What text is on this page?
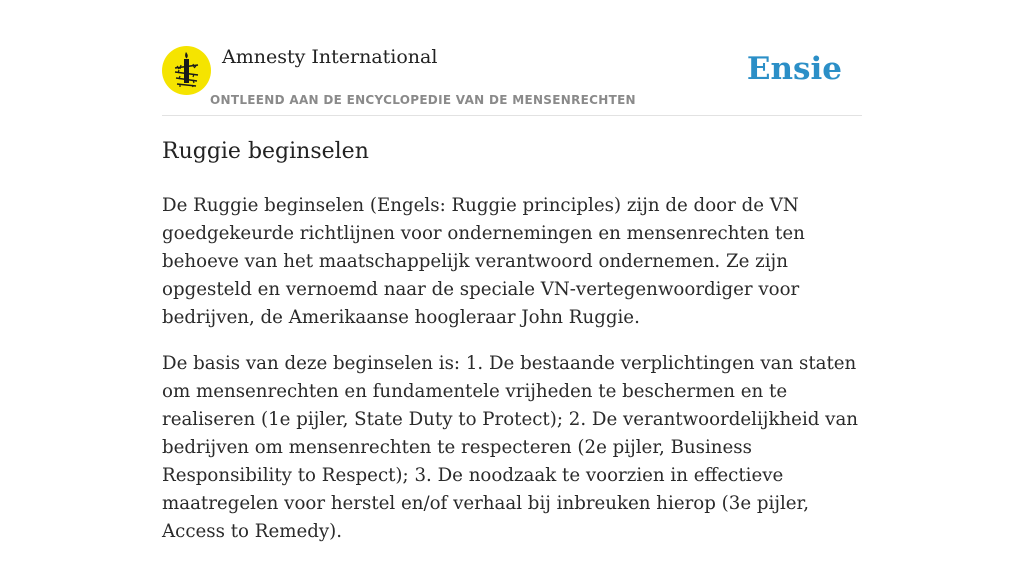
Amnesty International
ONTLEEND AAN DE ENCYCLOPEDIE VAN DE MENSENRECHTEN
Ensie
Ruggie beginselen

De Ruggie beginselen (Engels: Ruggie principles) zijn de door de VN goedgekeurde richtlijnen voor ondernemingen en mensenrechten ten behoeve van het maatschappelijk verantwoord ondernemen. Ze zijn opgesteld en vernoemd naar de speciale VN-vertegenwoordiger voor bedrijven, de Amerikaanse hoogleraar John Ruggie.

De basis van deze beginselen is: 1. De bestaande verplichtingen van staten om mensenrechten en fundamentele vrijheden te beschermen en te realiseren (1e pijler, State Duty to Protect); 2. De verantwoordelijkheid van bedrijven om mensenrechten te respecteren (2e pijler, Business Responsibility to Respect); 3. De noodzaak te voorzien in effectieve maatregelen voor herstel en/of verhaal bij inbreuken hierop (3e pijler, Access to Remedy).
